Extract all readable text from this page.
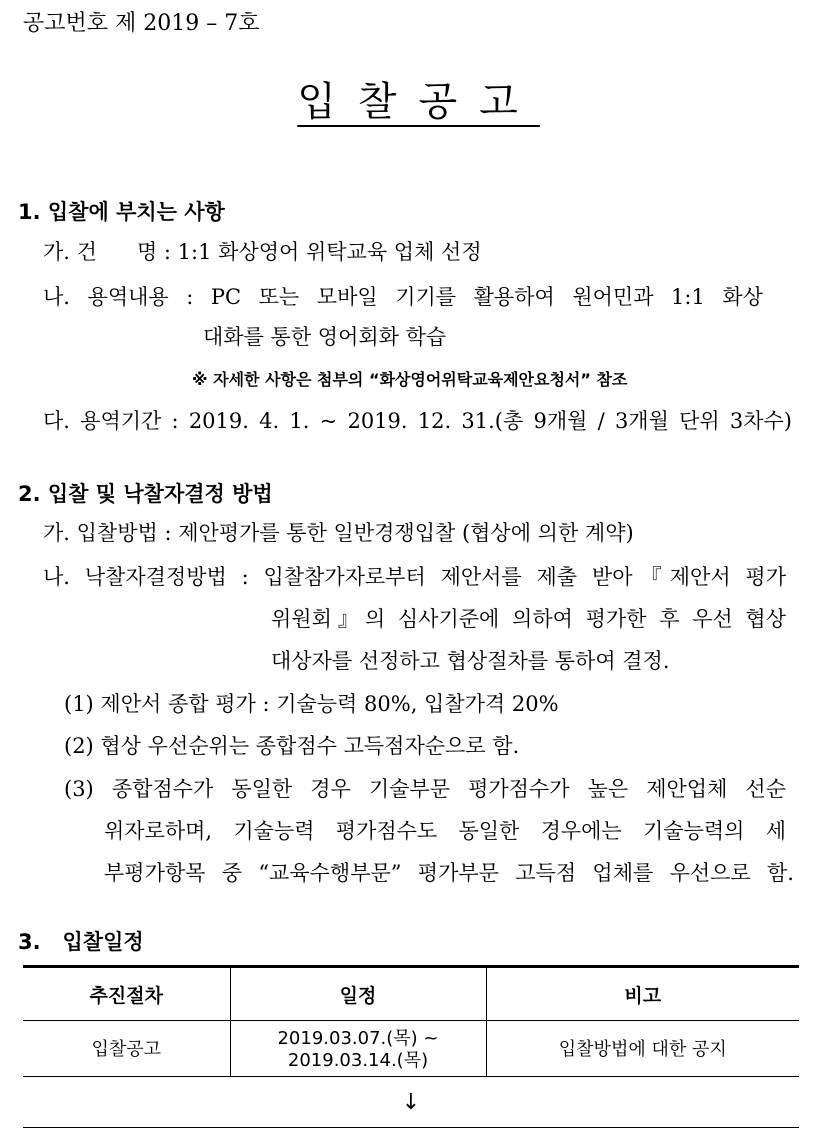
공고번호 제 2019 – 7호
입찰공고
1. 입찰에 부치는 사항
가. 건      명 : 1:1 화상영어 위탁교육 업체 선정
나. 용역내용 : PC 또는 모바일 기기를 활용하여 원어민과 1:1 화상
대화를 통한 영어회화 학습
※ 자세한 사항은 첨부의 “화상영어위탁교육제안요청서” 참조
다. 용역기간 : 2019. 4. 1. ~ 2019. 12. 31.(총 9개월 / 3개월 단위 3차수)
2. 입찰 및 낙찰자결정 방법
가. 입찰방법 : 제안평가를 통한 일반경쟁입찰 (협상에 의한 계약)
나. 낙찰자결정방법 : 입찰참가자로부터 제안서를 제출 받아『제안서 평가
위원회』의 심사기준에 의하여 평가한 후 우선 협상
대상자를 선정하고 협상절차를 통하여 결정.
(1) 제안서 종합 평가 : 기술능력 80%, 입찰가격 20%
(2) 협상 우선순위는 종합점수 고득점자순으로 함.
(3) 종합점수가 동일한 경우 기술부문 평가점수가 높은 제안업체 선순
위자로하며, 기술능력 평가점수도 동일한 경우에는 기술능력의 세
부평가항목 중 “교육수행부문” 평가부문 고득점 업체를 우선으로 함.
3.   입찰일정
추진절차	일정	비고

입찰공고	2019.03.07.(목) ~
2019.03.14.(목)	입찰방법에 대한 공지
↓		
